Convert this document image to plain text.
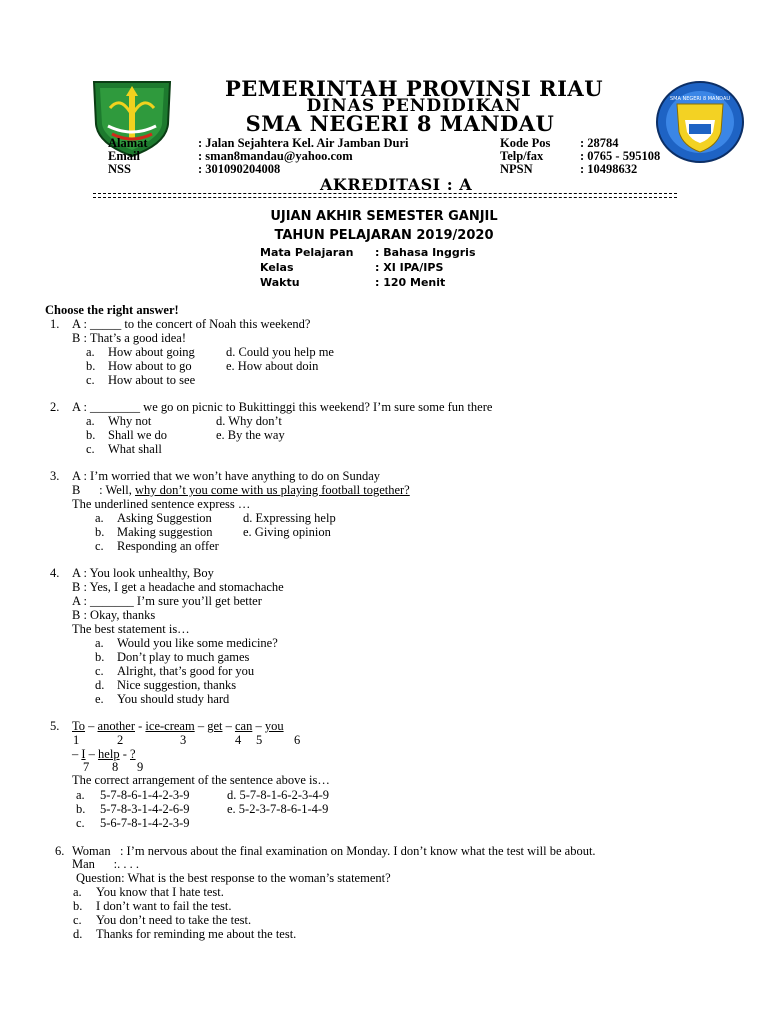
SMA NEGERI 8 MANDAU
PEMERINTAH PROVINSI RIAU
DINAS PENDIDIKAN
SMA NEGERI 8 MANDAU
Alamat	: Jalan Sejahtera Kel. Air Jamban Duri
Email	: sman8mandau@yahoo.com
NSS	: 301090204008
Kode Pos : 28784
Telp/fax	: 0765 - 595108
NPSN	: 10498632
AKREDITASI : A
UJIAN AKHIR SEMESTER GANJIL
TAHUN PELAJARAN 2019/2020
Mata Pelajaran : Bahasa Inggris
Kelas	: XI IPA/IPS
Waktu	: 120 Menit
Choose the right answer!
1. A : _____ to the concert of Noah this weekend?
B : That’s a good idea!
a. How about going d. Could you help me
b. How about to go	e. How about doin
c. How about to see
2. A : ________ we go on picnic to Bukittinggi this weekend? I’m sure some fun there
a. Why not	d. Why don’t
b. Shall we do	e. By the way
c. What shall
3. A : I’m worried that we won’t have anything to do on Sunday
B      : Well, why don’t you come with us playing football together?
The underlined sentence express …
a. Asking Suggestion d. Expressing help
b. Making suggestion e. Giving opinion
c. Responding an offer
4. A : You look unhealthy, Boy
B : Yes, I get a headache and stomachache
A : _______ I’m sure you’ll get better
B : Okay, thanks
The best statement is…
a. Would you like some medicine?
b. Don’t play to much games
c. Alright, that’s good for you
d. Nice suggestion, thanks
e. You should study hard
5. To – another - ice-cream – get – can – you
1	2	3	4 5	6
– I – help - ?
7 8 9
The correct arrangement of the sentence above is…
a. 5-7-8-6-1-4-2-3-9	d. 5-7-8-1-6-2-3-4-9
b. 5-7-8-3-1-4-2-6-9	e. 5-2-3-7-8-6-1-4-9
c. 5-6-7-8-1-4-2-3-9
6. Woman   : I’m nervous about the final examination on Monday. I don’t know what the test will be about.
Man      :. . . .
Question: What is the best response to the woman’s statement?
a. You know that I hate test.
b. I don’t want to fail the test.
c. You don’t need to take the test.
d. Thanks for reminding me about the test.
